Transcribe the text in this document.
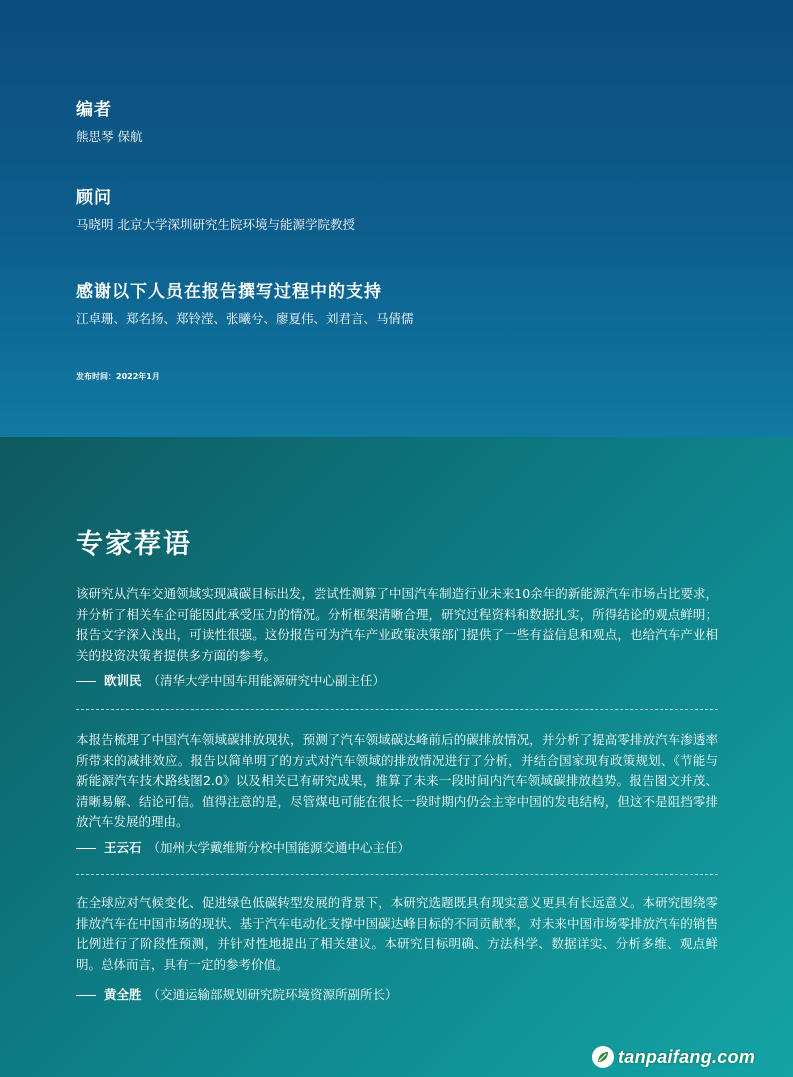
编者
熊思琴 保航
顾问
马晓明 北京大学深圳研究生院环境与能源学院教授
感谢以下人员在报告撰写过程中的支持
江卓珊、郑名扬、郑铃滢、张曦兮、廖夏伟、刘君言、马倩儒
发布时间：2022年1月
专家荐语

该研究从汽车交通领域实现减碳目标出发，尝试性测算了中国汽车制造行业未来10余年的新能源汽车市场占比要求，并分析了相关车企可能因此承受压力的情况。分析框架清晰合理，研究过程资料和数据扎实，所得结论的观点鲜明；报告文字深入浅出，可读性很强。这份报告可为汽车产业政策决策部门提供了一些有益信息和观点，也给汽车产业相关的投资决策者提供多方面的参考。

欧训民 （清华大学中国车用能源研究中心副主任）

本报告梳理了中国汽车领域碳排放现状，预测了汽车领域碳达峰前后的碳排放情况，并分析了提高零排放汽车渗透率所带来的减排效应。报告以简单明了的方式对汽车领域的排放情况进行了分析，并结合国家现有政策规划、《节能与新能源汽车技术路线图2.0》以及相关已有研究成果，推算了未来一段时间内汽车领域碳排放趋势。报告图文并茂、清晰易解、结论可信。值得注意的是，尽管煤电可能在很长一段时期内仍会主宰中国的发电结构，但这不是阻挡零排放汽车发展的理由。

王云石 （加州大学戴维斯分校中国能源交通中心主任）

在全球应对气候变化、促进绿色低碳转型发展的背景下，本研究选题既具有现实意义更具有长远意义。本研究围绕零排放汽车在中国市场的现状、基于汽车电动化支撑中国碳达峰目标的不同贡献率，对未来中国市场零排放汽车的销售比例进行了阶段性预测，并针对性地提出了相关建议。本研究目标明确、方法科学、数据详实、分析多维、观点鲜明。总体而言，具有一定的参考价值。

黄全胜 （交通运输部规划研究院环境资源所副所长）
tanpaifang.com
